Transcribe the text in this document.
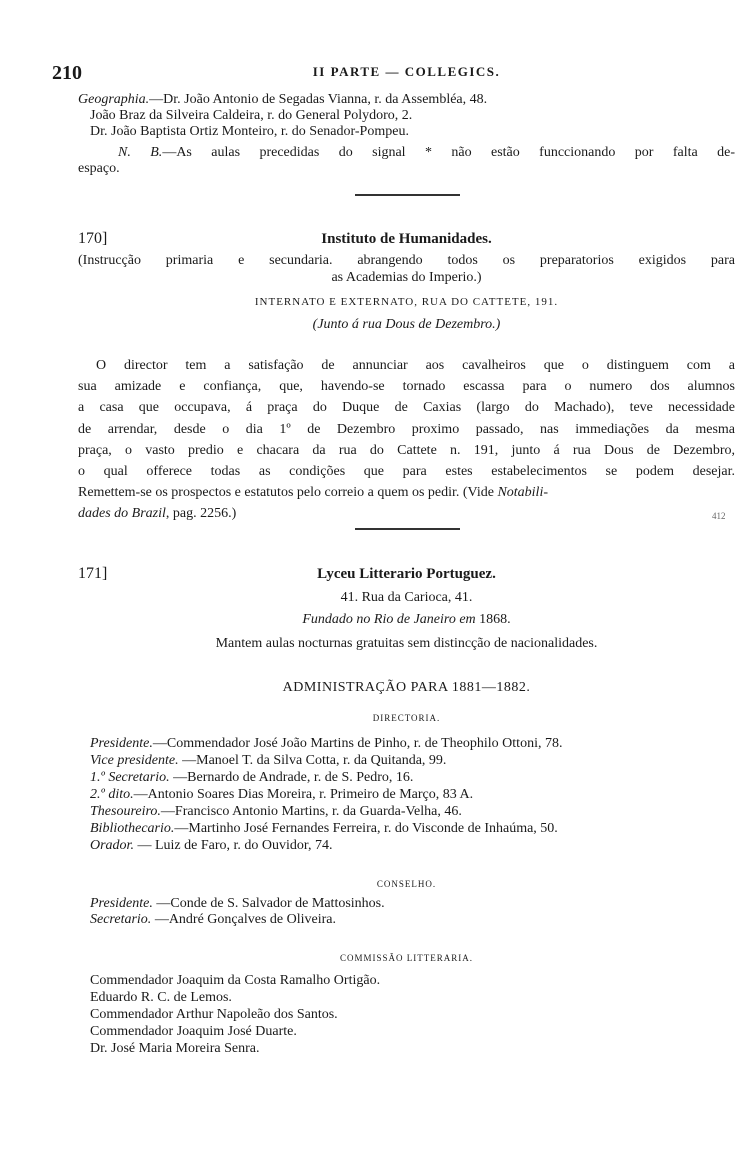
210	II PARTE — COLLEGICS.
Geographia.—Dr. João Antonio de Segadas Vianna, r. da Assembléa, 48.
João Braz da Silveira Caldeira, r. do General Polydoro, 2.
Dr. João Baptista Ortiz Monteiro, r. do Senador-Pompeu.
N. B.—As aulas precedidas do signal * não estão funccionando por falta de-
espaço.
170]	Instituto de Humanidades.
(Instrucção primaria e secundaria. abrangendo todos os preparatorios exigidos para
as Academias do Imperio.)
INTERNATO E EXTERNATO, RUA DO CATTETE, 191.
(Junto á rua Dous de Dezembro.)
O director tem a satisfação de annunciar aos cavalheiros que o distinguem com a
sua amizade e confiança, que, havendo-se tornado escassa para o numero dos alumnos
a casa que occupava, á praça do Duque de Caxias (largo do Machado), teve necessidade
de arrendar, desde o dia 1º de Dezembro proximo passado, nas immediações da mesma
praça, o vasto predio e chacara da rua do Cattete n. 191, junto á rua Dous de Dezembro,
o qual offerece todas as condições que para estes estabelecimentos se podem desejar.
Remettem-se os prospectos e estatutos pelo correio a quem os pedir. (Vide Notabili-
dades do Brazil, pag. 2256.)	412
171]	Lyceu Litterario Portuguez.
41. Rua da Carioca, 41.
Fundado no Rio de Janeiro em 1868.
Mantem aulas nocturnas gratuitas sem distincção de nacionalidades.
ADMINISTRAÇÃO PARA 1881—1882.
DIRECTORIA.
Presidente.—Commendador José João Martins de Pinho, r. de Theophilo Ottoni, 78.
Vice presidente. —Manoel T. da Silva Cotta, r. da Quitanda, 99.
1.º Secretario. —Bernardo de Andrade, r. de S. Pedro, 16.
2.º dito.—Antonio Soares Dias Moreira, r. Primeiro de Março, 83 A.
Thesoureiro.—Francisco Antonio Martins, r. da Guarda-Velha, 46.
Bibliothecario.—Martinho José Fernandes Ferreira, r. do Visconde de Inhaúma, 50.
Orador. — Luiz de Faro, r. do Ouvidor, 74.
CONSELHO.
Presidente. —Conde de S. Salvador de Mattosinhos.
Secretario. —André Gonçalves de Oliveira.
COMMISSÃO LITTERARIA.
Commendador Joaquim da Costa Ramalho Ortigão.
Eduardo R. C. de Lemos.
Commendador Arthur Napoleão dos Santos.
Commendador Joaquim José Duarte.
Dr. José Maria Moreira Senra.
